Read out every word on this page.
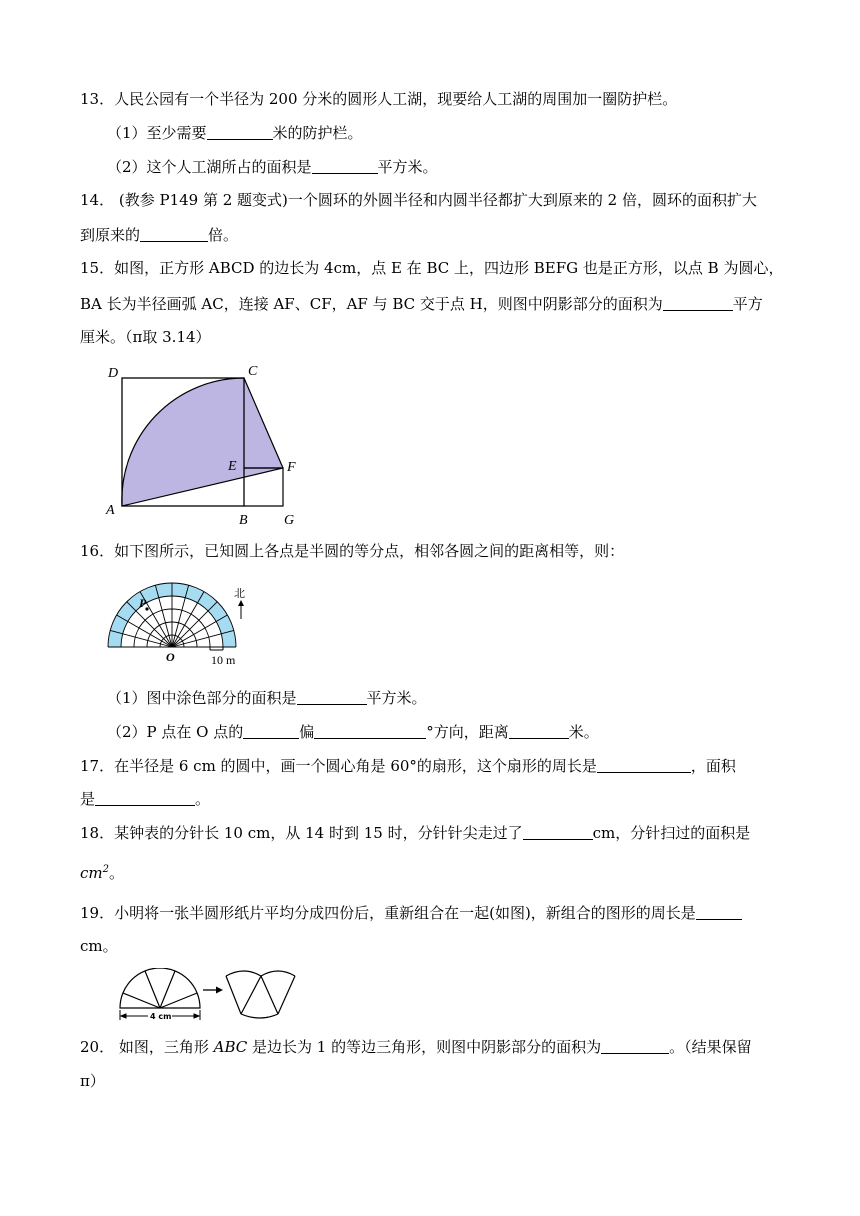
13．人民公园有一个半径为 200 分米的圆形人工湖，现要给人工湖的周围加一圈防护栏。
（1）至少需要	米的防护栏。
（2）这个人工湖所占的面积是	平方米。
14． (教参 P149 第 2 题变式)一个圆环的外圆半径和内圆半径都扩大到原来的 2 倍，圆环的面积扩大
到原来的	倍。
15．如图，正方形 ABCD 的边长为 4cm，点 E 在 BC 上，四边形 BEFG 也是正方形，以点 B 为圆心，
BA 长为半径画弧 AC，连接 AF、CF，AF 与 BC 交于点 H，则图中阴影部分的面积为	平方
厘米。（π取 3.14）
D	C
E	F
A
B	G
16．如下图所示，已知圆上各点是半圆的等分点，相邻各圆之间的距离相等，则：
P
O
北
10 m
（1）图中涂色部分的面积是	平方米。
（2）P 点在 O 点的	偏	°方向，距离	米。
17．在半径是 6 cm 的圆中，画一个圆心角是 60°的扇形，这个扇形的周长是	，面积
是	。
18．某钟表的分针长 10 cm，从 14 时到 15 时，分针针尖走过了	cm，分针扫过的面积是
$cm^2$。
19．小明将一张半圆形纸片平均分成四份后，重新组合在一起(如图)，新组合的图形的周长是
cm。
4 cm
20． 如图，三角形 ABC 是边长为 1 的等边三角形，则图中阴影部分的面积为	。（结果保留
π）
